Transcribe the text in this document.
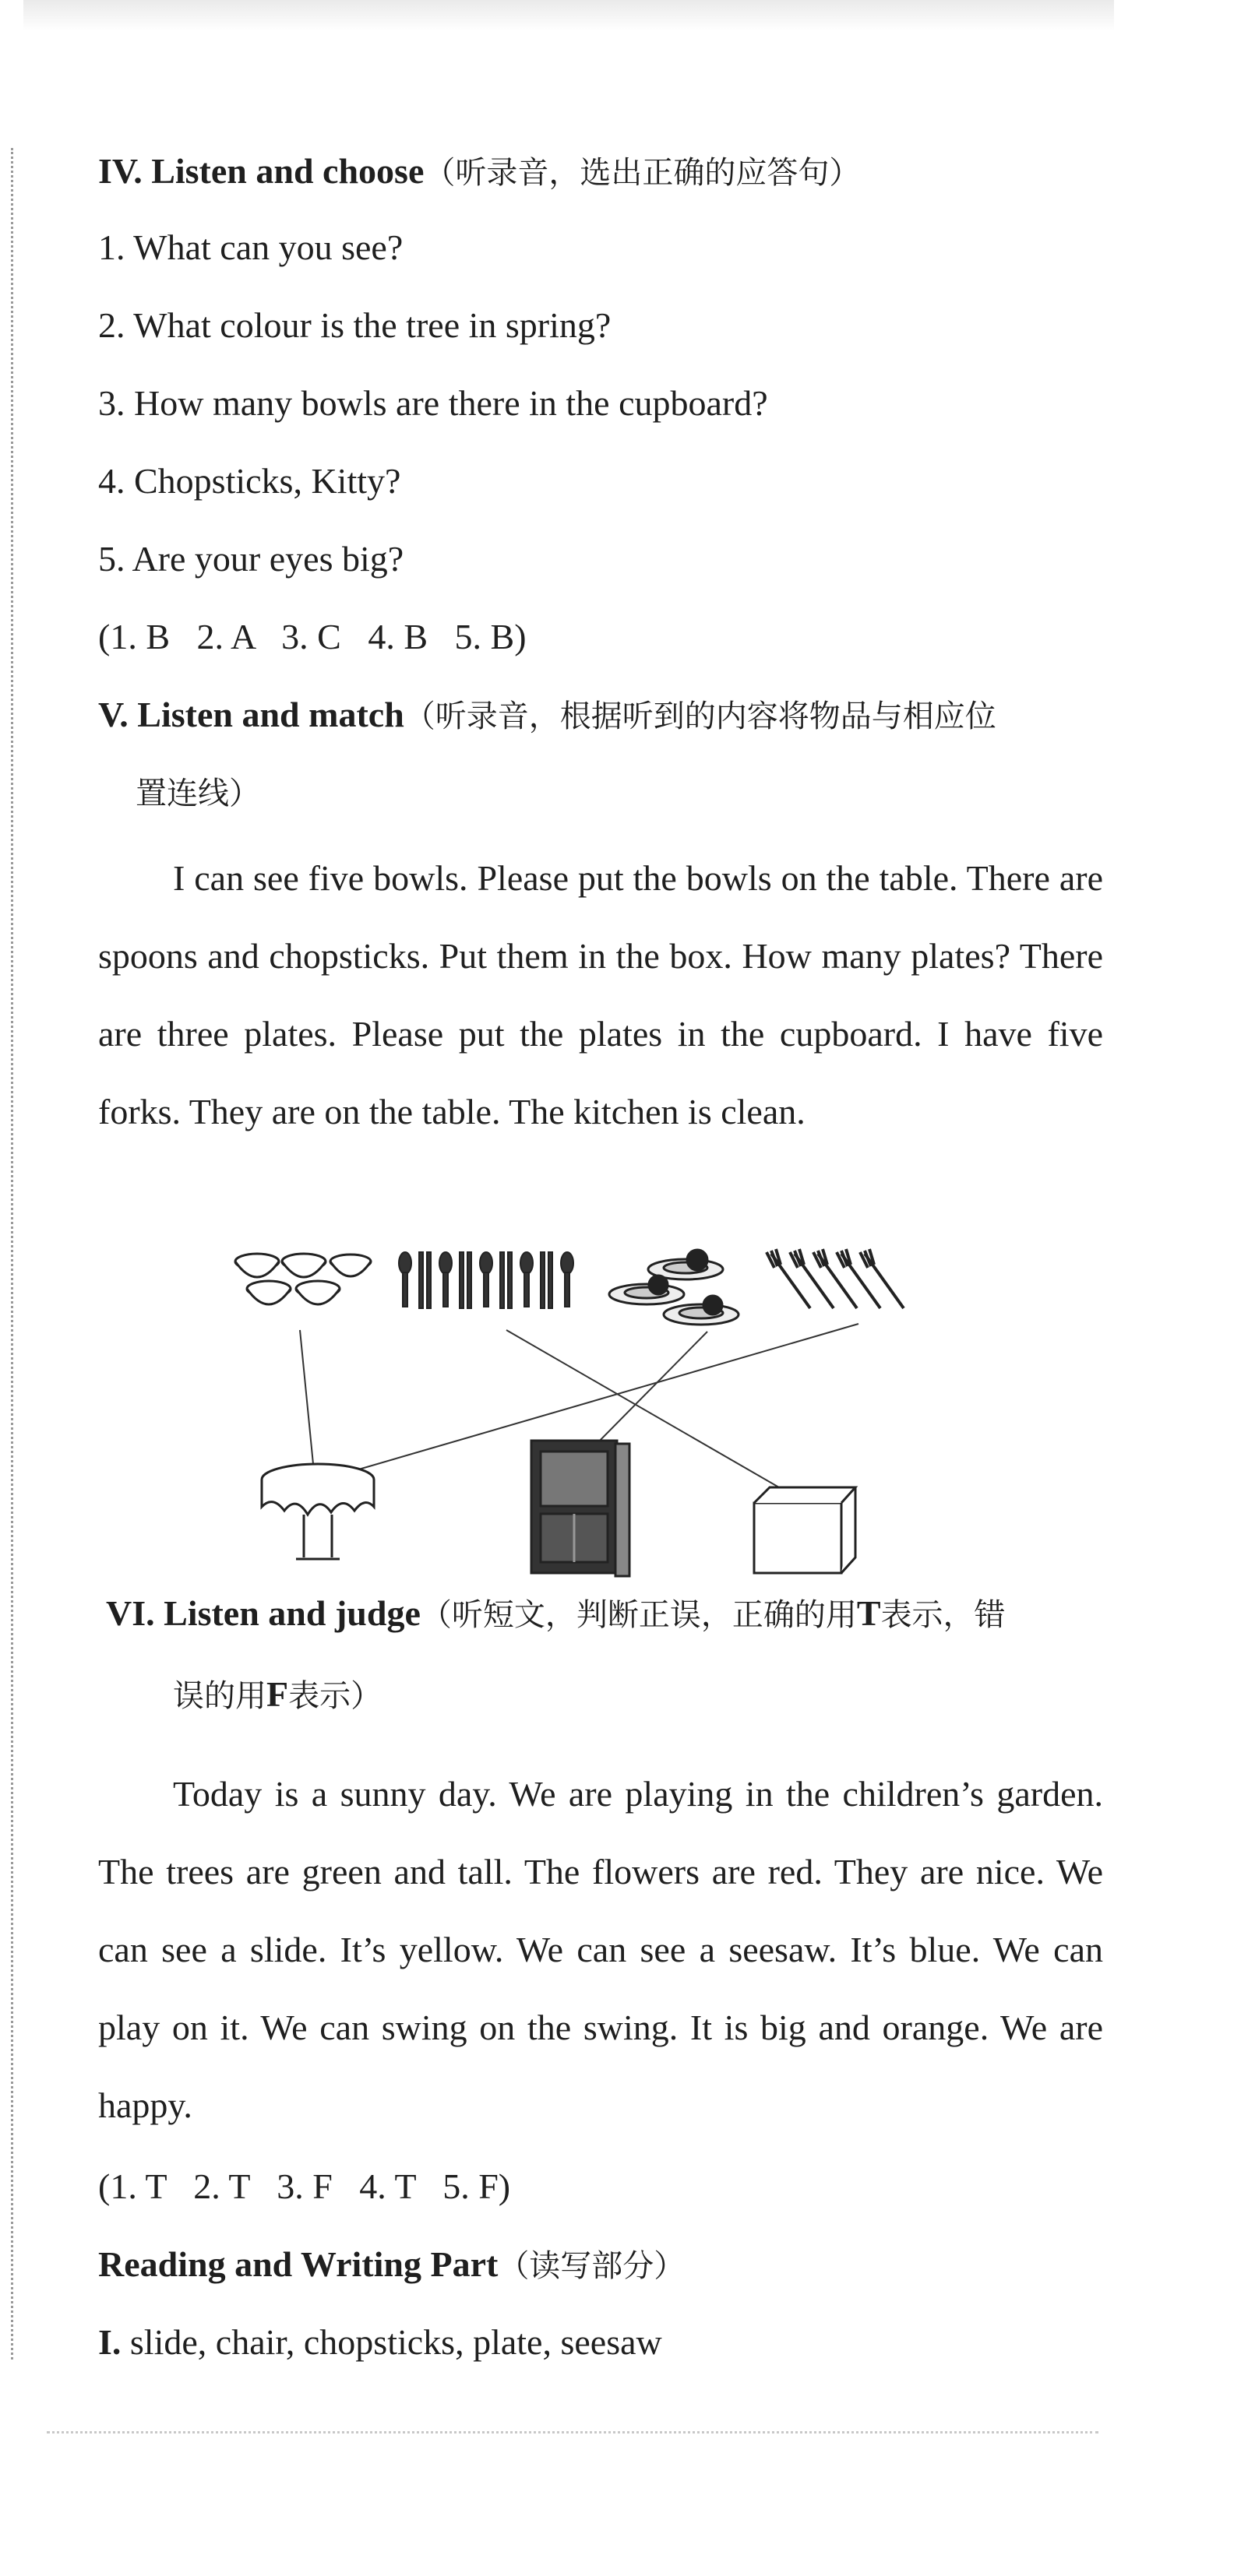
IV. Listen and choose（听录音，选出正确的应答句）
1. What can you see?
2. What colour is the tree in spring?
3. How many bowls are there in the cupboard?
4. Chopsticks, Kitty?
5. Are your eyes big?
(1. B   2. A   3. C   4. B   5. B)
V. Listen and match（听录音，根据听到的内容将物品与相应位
置连线）

I can see five bowls. Please put the bowls on the table. There are spoons and chopsticks. Put them in the box. How many plates? There are three plates. Please put the plates in the cupboard. I have five forks. They are on the table. The kitchen is clean.

VI. Listen and judge（听短文，判断正误，正确的用T表示，错
误的用F表示）

Today is a sunny day. We are playing in the children’s garden. The trees are green and tall. The flowers are red. They are nice. We can see a slide. It’s yellow. We can see a seesaw. It’s blue. We can play on it. We can swing on the swing. It is big and orange. We are happy.

(1. T   2. T   3. F   4. T   5. F)
Reading and Writing Part（读写部分）
I. slide, chair, chopsticks, plate, seesaw
